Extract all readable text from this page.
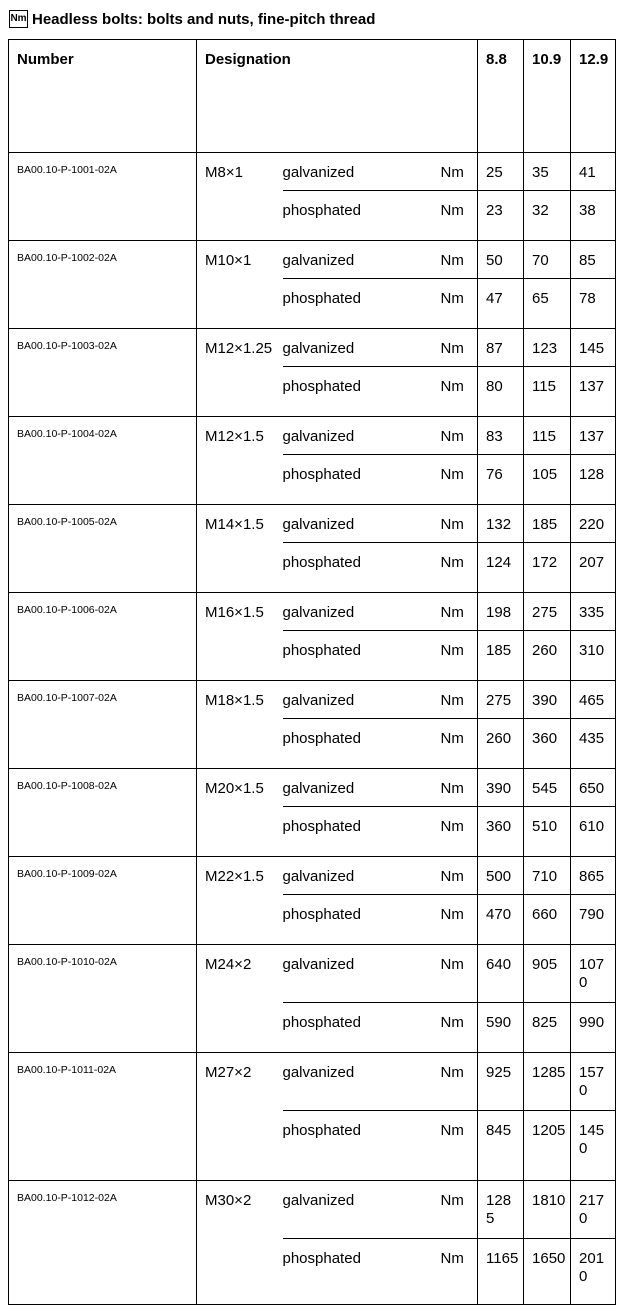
Nm Headless bolts: bolts and nuts, fine-pitch thread
Number	Designation			8.8	10.9	12.9

BA00.10-P-1001-02A	M8×1	galvanized	Nm	25	35	41

		phosphated	Nm	23	32	38

BA00.10-P-1002-02A	M10×1	galvanized	Nm	50	70	85

		phosphated	Nm	47	65	78

BA00.10-P-1003-02A	M12×1.25	galvanized	Nm	87	123	145

		phosphated	Nm	80	115	137

BA00.10-P-1004-02A	M12×1.5	galvanized	Nm	83	115	137

		phosphated	Nm	76	105	128

BA00.10-P-1005-02A	M14×1.5	galvanized	Nm	132	185	220

		phosphated	Nm	124	172	207

BA00.10-P-1006-02A	M16×1.5	galvanized	Nm	198	275	335

		phosphated	Nm	185	260	310

BA00.10-P-1007-02A	M18×1.5	galvanized	Nm	275	390	465

		phosphated	Nm	260	360	435

BA00.10-P-1008-02A	M20×1.5	galvanized	Nm	390	545	650

		phosphated	Nm	360	510	610

BA00.10-P-1009-02A	M22×1.5	galvanized	Nm	500	710	865

		phosphated	Nm	470	660	790

BA00.10-P-1010-02A	M24×2	galvanized	Nm	640	905	1070

		phosphated	Nm	590	825	990

BA00.10-P-1011-02A	M27×2	galvanized	Nm	925	1285	1570

		phosphated	Nm	845	1205	1450

BA00.10-P-1012-02A	M30×2	galvanized	Nm	1285	1810	2170

		phosphated	Nm	1165	1650	2010
